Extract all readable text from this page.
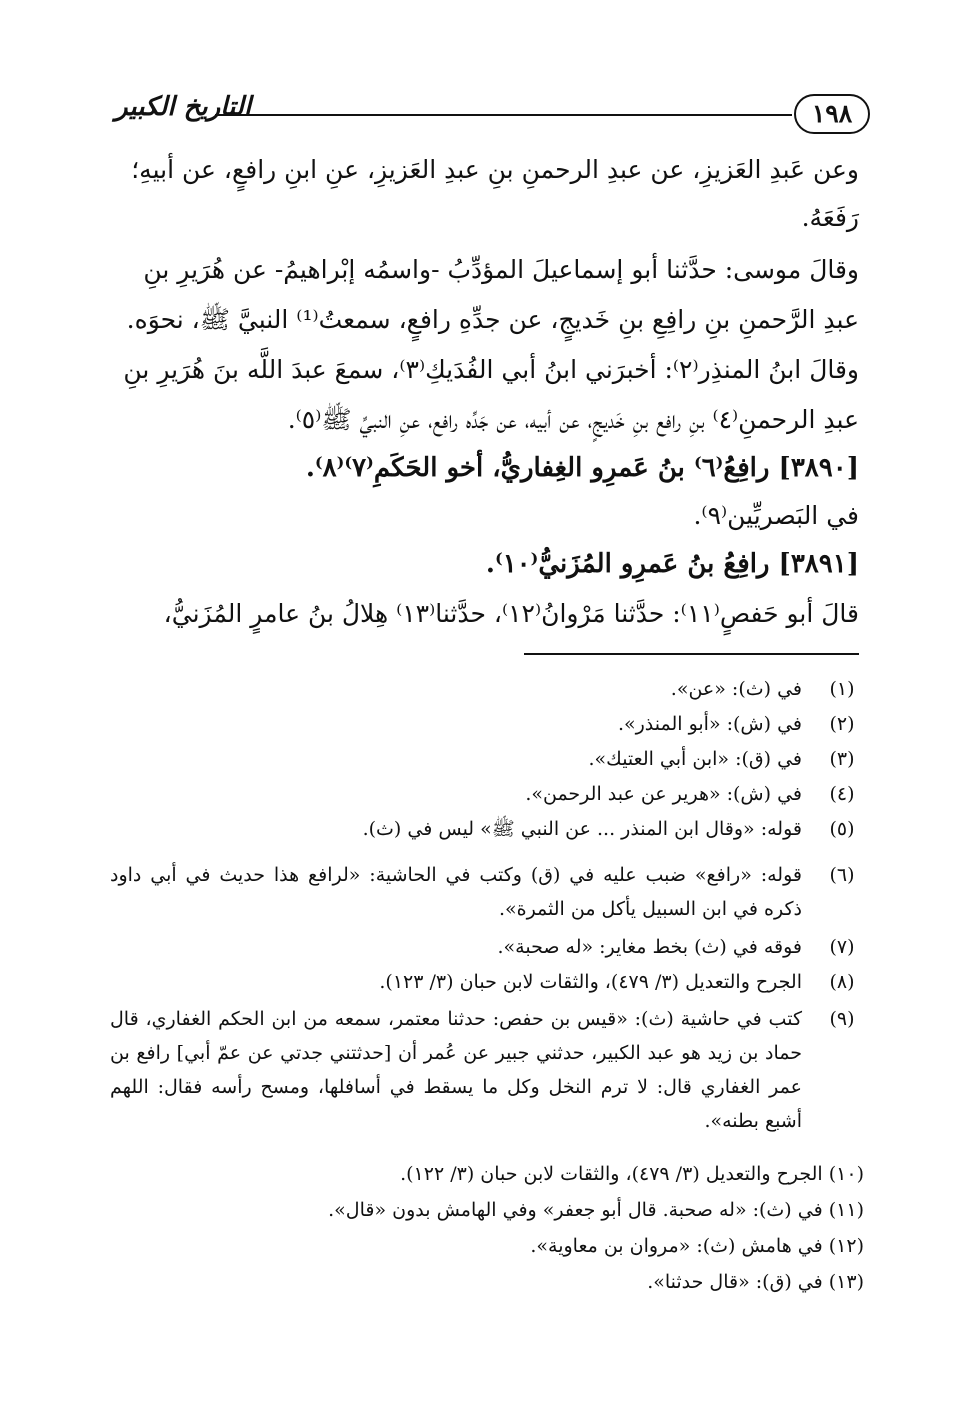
١٩٨
التاريخ الكبير
وعن عَبدِ العَزيزِ، عن عبدِ الرحمنِ بنِ عبدِ العَزيزِ، عنِ ابنِ رافعٍ، عن أبيهِ؛
رَفَعَهُ.
وقالَ موسى: حدَّثنا أبو إسماعيلَ المؤدِّبُ -واسمُه إبْراهيمُ- عن هُرَيرِ بنِ
عبدِ الرَّحمنِ بنِ رافِعِ بنِ خَديجٍ، عن جدِّهِ رافعٍ، سمعتُ⁽¹⁾ النبيَّ ﷺ، نحوَه.
وقالَ ابنُ المنذِر⁽٢⁾: أخبرَني ابنُ أبي الفُدَيكِ⁽٣⁾، سمعَ عبدَ اللَّه بنَ هُرَيرِ بنِ
عبدِ الرحمنِ⁽٤⁾ بنِ رافع بنِ خَديجٍ، عن أبيه، عن جَدِّه رافع، عنِ النبيِّ ﷺ⁽٥⁾.
[٣٨٩٠] رافِعُ⁽٦⁾ بنُ عَمرِو الغِفاريُّ، أخو الحَكَمِ⁽٧⁾⁽٨⁾.
في البَصريِّين⁽٩⁾.
[٣٨٩١] رافِعُ بنُ عَمرِو المُزَنيُّ⁽١٠⁾.
قالَ أبو حَفصٍ⁽١١⁾: حدَّثنا مَرْوانُ⁽١٢⁾، حدَّثنا⁽١٣⁾ هِلالُ بنُ عامرٍ المُزَنيُّ،
(١)
في (ث): «عن».
(٢)
في (ش): «أبو المنذر».
(٣)
في (ق): «ابن أبي العتيك».
(٤)
في (ش): «هرير عن عبد الرحمن».
(٥)
قوله: «وقال ابن المنذر ... عن النبي ﷺ» ليس في (ث).
(٦)
قوله: «رافع» ضبب عليه في (ق) وكتب في الحاشية: «لرافع هذا حديث في أبي داود ذكره في ابن السبيل يأكل من الثمرة».
(٧)
فوقه في (ث) بخط مغاير: «له صحبة».
(٨)
الجرح والتعديل (٣/ ٤٧٩)، والثقات لابن حبان (٣/ ١٢٣).
(٩)
كتب في حاشية (ث): «قيس بن حفص: حدثنا معتمر، سمعه من ابن الحكم الغفاري، قال حماد بن زيد هو عبد الكبير، حدثني جبير عن عُمر أن [حدثتني جدتي عن عمّ أبي] رافع بن عمر الغفاري قال: لا ترم النخل وكل ما يسقط في أسافلها، ومسح رأسه فقال: اللهم أشبع بطنه».
(١٠) الجرح والتعديل (٣/ ٤٧٩)، والثقات لابن حبان (٣/ ١٢٢).
(١١) في (ث): «له صحبة. قال أبو جعفر» وفي الهامش بدون «قال».
(١٢) في هامش (ث): «مروان بن معاوية».
(١٣) في (ق): «قال حدثنا».
